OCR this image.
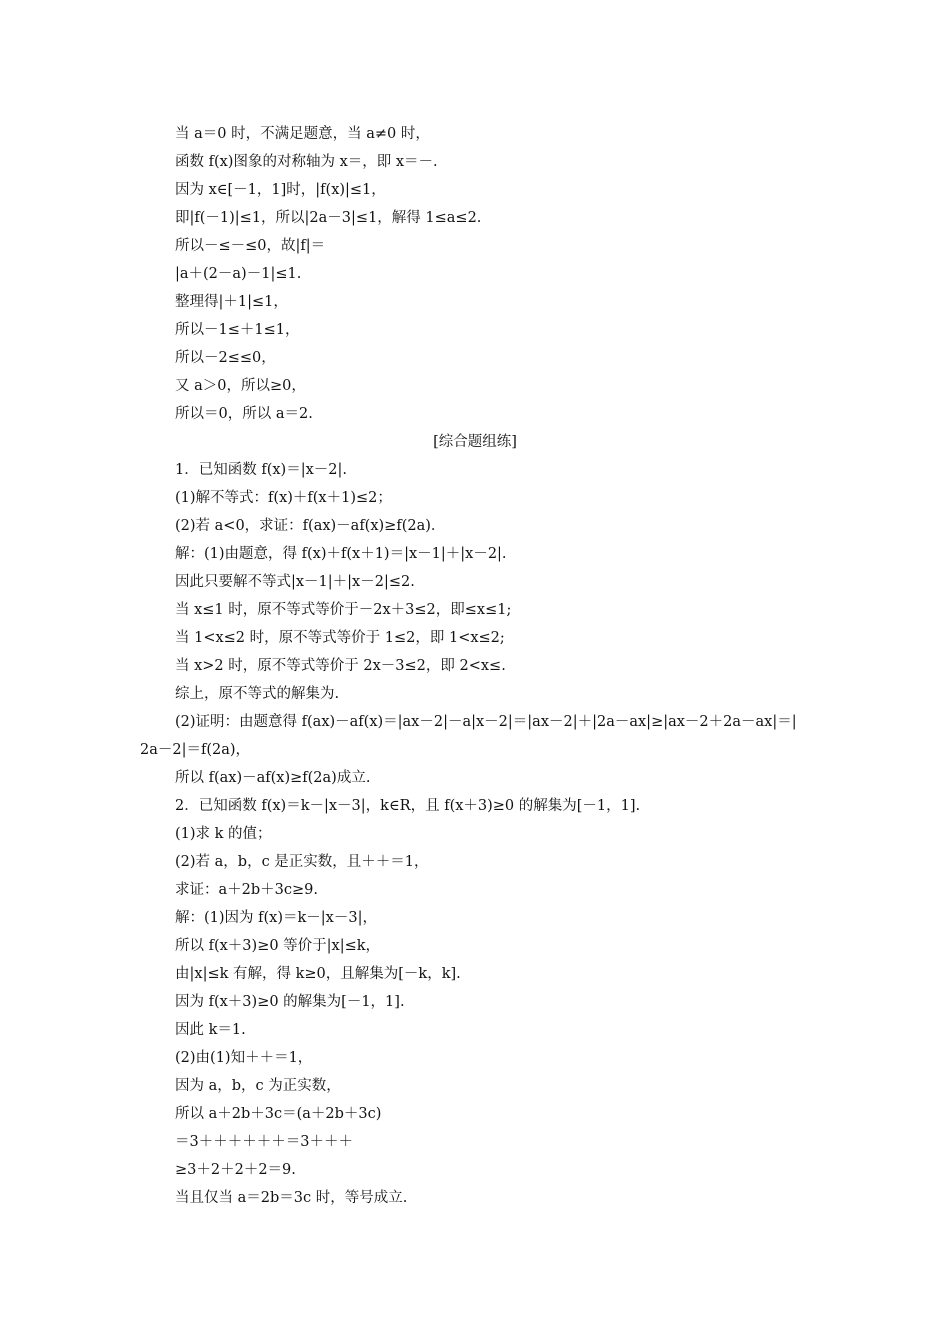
当 a＝0 时，不满足题意，当 a≠0 时，
函数 f(x)图象的对称轴为 x＝，即 x＝－.
因为 x∈[－1，1]时，|f(x)|≤1，
即|f(－1)|≤1，所以|2a－3|≤1，解得 1≤a≤2.
所以－≤－≤0，故|f|＝
|a＋(2－a)－1|≤1.
整理得|＋1|≤1，
所以－1≤＋1≤1，
所以－2≤≤0，
又 a＞0，所以≥0，
所以＝0，所以 a＝2.
[综合题组练]
1．已知函数 f(x)＝|x－2|.
(1)解不等式：f(x)＋f(x＋1)≤2；
(2)若 a<0，求证：f(ax)－af(x)≥f(2a)．
解：(1)由题意，得 f(x)＋f(x＋1)＝|x－1|＋|x－2|.
因此只要解不等式|x－1|＋|x－2|≤2.
当 x≤1 时，原不等式等价于－2x＋3≤2，即≤x≤1;
当 1<x≤2 时，原不等式等价于 1≤2，即 1<x≤2;
当 x>2 时，原不等式等价于 2x－3≤2，即 2<x≤.
综上，原不等式的解集为.
(2)证明：由题意得 f(ax)－af(x)＝|ax－2|－a|x－2|＝|ax－2|＋|2a－ax|≥|ax－2＋2a－ax|＝|
2a－2|＝f(2a)，
所以 f(ax)－af(x)≥f(2a)成立.
2．已知函数 f(x)＝k－|x－3|，k∈R，且 f(x＋3)≥0 的解集为[－1，1].
(1)求 k 的值；
(2)若 a，b，c 是正实数，且＋＋＝1，
求证：a＋2b＋3c≥9.
解：(1)因为 f(x)＝k－|x－3|，
所以 f(x＋3)≥0 等价于|x|≤k，
由|x|≤k 有解，得 k≥0，且解集为[－k，k].
因为 f(x＋3)≥0 的解集为[－1，1].
因此 k＝1.
(2)由(1)知＋＋＝1，
因为 a，b，c 为正实数，
所以 a＋2b＋3c＝(a＋2b＋3c)
＝3＋＋＋＋＋＋＝3＋＋＋
≥3＋2＋2＋2＝9.
当且仅当 a＝2b＝3c 时，等号成立.
